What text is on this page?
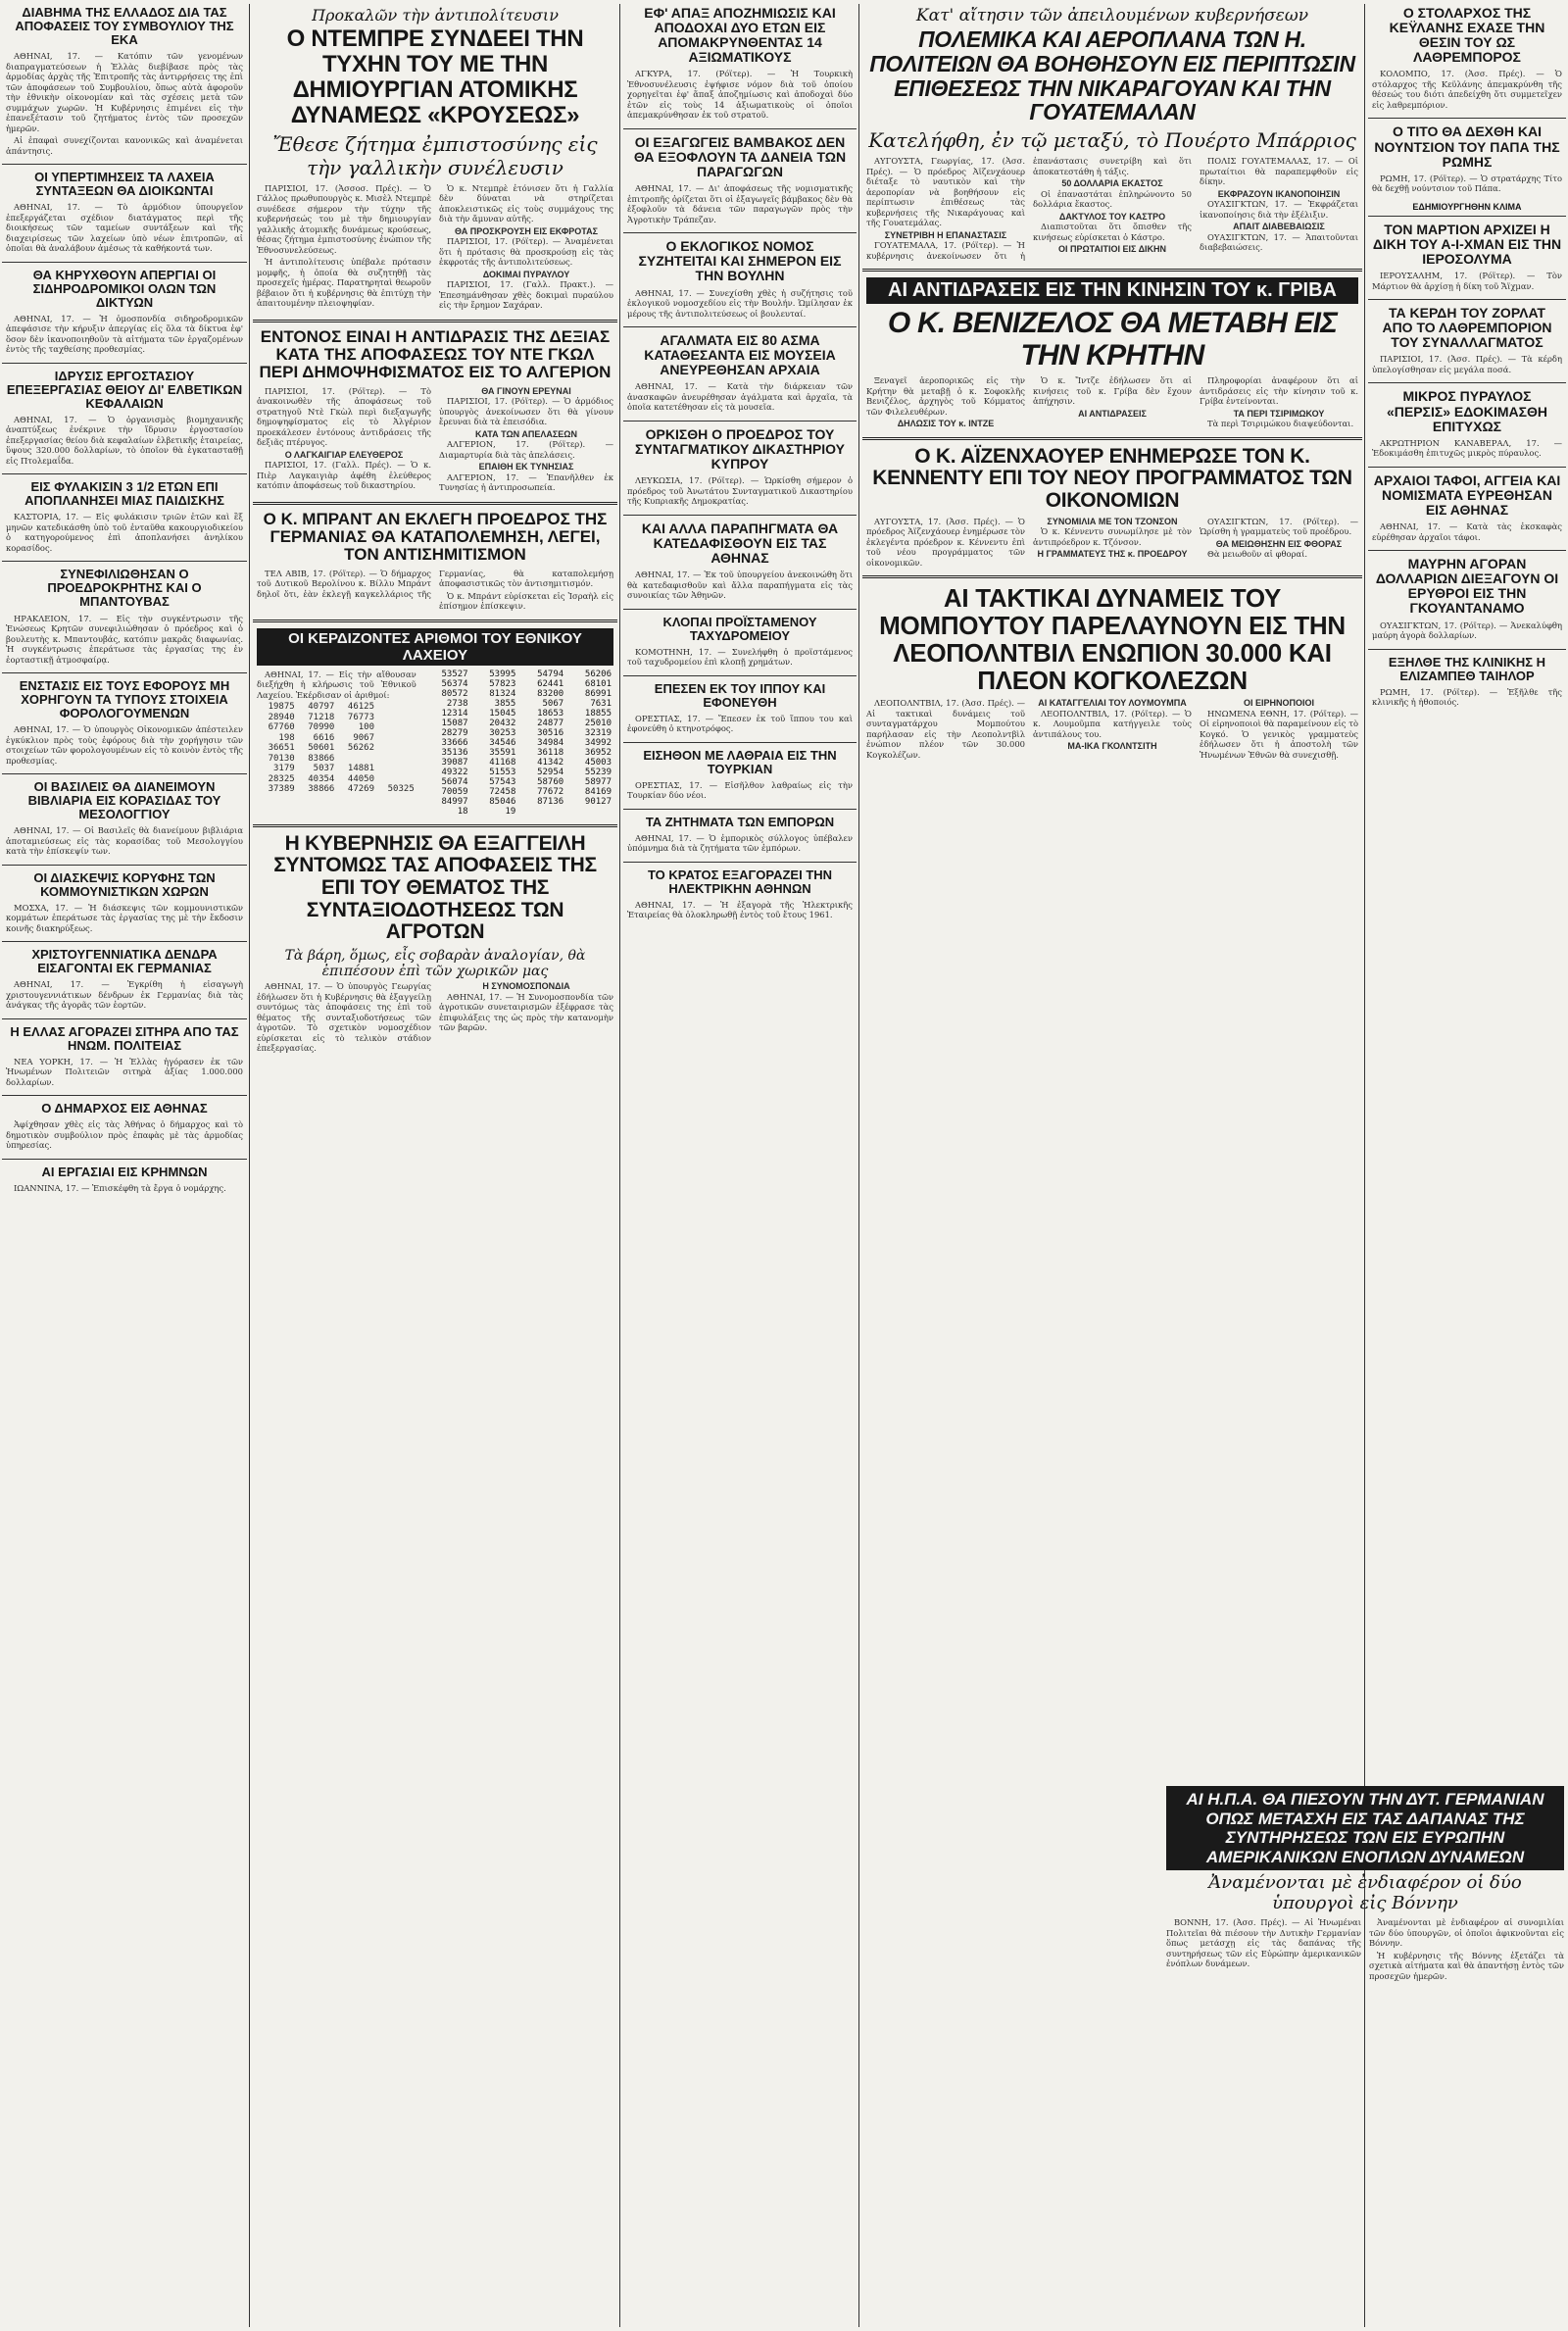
ΔΙΑΒΗΜΑ ΤΗΣ ΕΛΛΑΔΟΣ ΔΙΑ ΤΑΣ ΑΠΟΦΑΣΕΙΣ ΤΟΥ ΣΥΜΒΟΥΛΙΟΥ ΤΗΣ ΕΚΑ

ΑΘΗΝΑΙ, 17. — Κατόπιν τῶν γενομένων διαπραγματεύσεων ἡ Ἑλλὰς διεβίβασε πρὸς τὰς ἁρμοδίας ἀρχὰς τῆς Ἐπιτροπῆς τὰς ἀντιρρήσεις της ἐπὶ τῶν ἀποφάσεων τοῦ Συμβουλίου, ὅπως αὐτὰ ἀφοροῦν τὴν ἐθνικὴν οἰκονομίαν καὶ τὰς σχέσεις μετὰ τῶν συμμάχων χωρῶν. Ἡ Κυβέρνησις ἐπιμένει εἰς τὴν ἐπανεξέτασιν τοῦ ζητήματος ἐντὸς τῶν προσεχῶν ἡμερῶν.

Αἱ ἐπαφαὶ συνεχίζονται κανονικῶς καὶ ἀναμένεται ἀπάντησις.

ΟΙ ΥΠΕΡΤΙΜΗΣΕΙΣ ΤΑ ΛΑΧΕΙΑ ΣΥΝΤΑΞΕΩΝ ΘΑ ΔΙΟΙΚΩΝΤΑΙ

ΑΘΗΝΑΙ, 17. — Τὸ ἁρμόδιον ὑπουργεῖον ἐπεξεργάζεται σχέδιον διατάγματος περὶ τῆς διοικήσεως τῶν ταμείων συντάξεων καὶ τῆς διαχειρίσεως τῶν λαχείων ὑπὸ νέων ἐπιτροπῶν, αἱ ὁποῖαι θὰ ἀναλάβουν ἀμέσως τὰ καθήκοντά των.

ΘΑ ΚΗΡΥΧΘΟΥΝ ΑΠΕΡΓΙΑΙ ΟΙ ΣΙΔΗΡΟΔΡΟΜΙΚΟΙ ΟΛΩΝ ΤΩΝ ΔΙΚΤΥΩΝ

ΑΘΗΝΑΙ, 17. — Ἡ ὁμοσπονδία σιδηροδρομικῶν ἀπεφάσισε τὴν κήρυξιν ἀπεργίας εἰς ὅλα τὰ δίκτυα ἐφ' ὅσον δὲν ἱκανοποιηθοῦν τὰ αἰτήματα τῶν ἐργαζομένων ἐντὸς τῆς ταχθείσης προθεσμίας.

ΙΔΡΥΣΙΣ ΕΡΓΟΣΤΑΣΙΟΥ ΕΠΕΞΕΡΓΑΣΙΑΣ ΘΕΙΟΥ ΔΙ' ΕΛΒΕΤΙΚΩΝ ΚΕΦΑΛΑΙΩΝ

ΑΘΗΝΑΙ, 17. — Ὁ ὀργανισμὸς βιομηχανικῆς ἀναπτύξεως ἐνέκρινε τὴν ἵδρυσιν ἐργοστασίου ἐπεξεργασίας θείου διὰ κεφαλαίων ἐλβετικῆς ἑταιρείας, ὕψους 320.000 δολλαρίων, τὸ ὁποῖον θὰ ἐγκατασταθῇ εἰς Πτολεμαΐδα.

ΕΙΣ ΦΥΛΑΚΙΣΙΝ 3 1/2 ΕΤΩΝ ΕΠΙ ΑΠΟΠΛΑΝΗΣΕΙ ΜΙΑΣ ΠΑΙΔΙΣΚΗΣ

ΚΑΣΤΟΡΙΑ, 17. — Εἰς φυλάκισιν τριῶν ἐτῶν καὶ ἓξ μηνῶν κατεδικάσθη ὑπὸ τοῦ ἐνταῦθα κακουργιοδικείου ὁ κατηγορούμενος ἐπὶ ἀποπλανήσει ἀνηλίκου κορασίδος.

ΣΥΝΕΦΙΛΙΩΘΗΣΑΝ Ο ΠΡΟΕΔΡΟΚΡΗΤΗΣ ΚΑΙ Ο ΜΠΑΝΤΟΥΒΑΣ

ΗΡΑΚΛΕΙΟΝ, 17. — Εἰς τὴν συγκέντρωσιν τῆς Ἑνώσεως Κρητῶν συνεφιλιώθησαν ὁ πρόεδρος καὶ ὁ βουλευτὴς κ. Μπαντουβάς, κατόπιν μακρᾶς διαφωνίας. Ἡ συγκέντρωσις ἐπεράτωσε τὰς ἐργασίας της ἐν ἑορταστικῇ ἀτμοσφαίρᾳ.

ΕΝΣΤΑΣΙΣ ΕΙΣ ΤΟΥΣ ΕΦΟΡΟΥΣ ΜΗ ΧΟΡΗΓΟΥΝ ΤΑ ΤΥΠΟΥΣ ΣΤΟΙΧΕΙΑ ΦΟΡΟΛΟΓΟΥΜΕΝΩΝ

ΑΘΗΝΑΙ, 17. — Ὁ ὑπουργὸς Οἰκονομικῶν ἀπέστειλεν ἐγκύκλιον πρὸς τοὺς ἐφόρους διὰ τὴν χορήγησιν τῶν στοιχείων τῶν φορολογουμένων εἰς τὸ κοινὸν ἐντὸς τῆς προθεσμίας.

ΟΙ ΒΑΣΙΛΕΙΣ ΘΑ ΔΙΑΝΕΙΜΟΥΝ ΒΙΒΛΙΑΡΙΑ ΕΙΣ ΚΟΡΑΣΙΔΑΣ ΤΟΥ ΜΕΣΟΛΟΓΓΙΟΥ

ΑΘΗΝΑΙ, 17. — Οἱ Βασιλεῖς θὰ διανείμουν βιβλιάρια ἀποταμιεύσεως εἰς τὰς κορασίδας τοῦ Μεσολογγίου κατὰ τὴν ἐπίσκεψίν των.

ΟΙ ΔΙΑΣΚΕΨΙΣ ΚΟΡΥΦΗΣ ΤΩΝ ΚΟΜΜΟΥΝΙΣΤΙΚΩΝ ΧΩΡΩΝ

ΜΟΣΧΑ, 17. — Ἡ διάσκεψις τῶν κομμουνιστικῶν κομμάτων ἐπεράτωσε τὰς ἐργασίας της μὲ τὴν ἔκδοσιν κοινῆς διακηρύξεως.

ΧΡΙΣΤΟΥΓΕΝΝΙΑΤΙΚΑ ΔΕΝΔΡΑ ΕΙΣΑΓΟΝΤΑΙ ΕΚ ΓΕΡΜΑΝΙΑΣ

ΑΘΗΝΑΙ, 17. — Ἐγκρίθη ἡ εἰσαγωγὴ χριστουγεννιάτικων δένδρων ἐκ Γερμανίας διὰ τὰς ἀνάγκας τῆς ἀγορᾶς τῶν ἑορτῶν.

Η ΕΛΛΑΣ ΑΓΟΡΑΖΕΙ ΣΙΤΗΡΑ ΑΠΟ ΤΑΣ ΗΝΩΜ. ΠΟΛΙΤΕΙΑΣ

ΝΕΑ ΥΟΡΚΗ, 17. — Ἡ Ἑλλὰς ἠγόρασεν ἐκ τῶν Ἡνωμένων Πολιτειῶν σιτηρὰ ἀξίας 1.000.000 δολλαρίων.

Ο ΔΗΜΑΡΧΟΣ ΕΙΣ ΑΘΗΝΑΣ

Ἀφίχθησαν χθὲς εἰς τὰς Ἀθήνας ὁ δήμαρχος καὶ τὸ δημοτικὸν συμβούλιον πρὸς ἐπαφὰς μὲ τὰς ἁρμοδίας ὑπηρεσίας.

ΑΙ ΕΡΓΑΣΙΑΙ ΕΙΣ ΚΡΗΜΝΩΝ

ΙΩΑΝΝΙΝΑ, 17. — Ἐπισκέφθη τὰ ἔργα ὁ νομάρχης.

Προκαλῶν τὴν ἀντιπολίτευσιν
Ο ΝΤΕΜΠΡΕ ΣΥΝΔΕΕΙ ΤΗΝ ΤΥΧΗΝ ΤΟΥ ΜΕ ΤΗΝ ΔΗΜΙΟΥΡΓΙΑΝ ΑΤΟΜΙΚΗΣ ΔΥΝΑΜΕΩΣ «ΚΡΟΥΣΕΩΣ»
Ἔθεσε ζήτημα ἐμπιστοσύνης εἰς τὴν γαλλικὴν συνέλευσιν

ΠΑΡΙΣΙΟΙ, 17. (Ἀσσοσ. Πρές). — Ὁ Γάλλος πρωθυπουργὸς κ. Μισὲλ Ντεμπρὲ συνέδεσε σήμερον τὴν τύχην τῆς κυβερνήσεώς του μὲ τὴν δημιουργίαν γαλλικῆς ἀτομικῆς δυνάμεως κρούσεως, θέσας ζήτημα ἐμπιστοσύνης ἐνώπιον τῆς Ἐθνοσυνελεύσεως.

Ἡ ἀντιπολίτευσις ὑπέβαλε πρότασιν μομφῆς, ἡ ὁποία θὰ συζητηθῇ τὰς προσεχεῖς ἡμέρας. Παρατηρηταὶ θεωροῦν βέβαιον ὅτι ἡ κυβέρνησις θὰ ἐπιτύχῃ τὴν ἀπαιτουμένην πλειοψηφίαν.

Ὁ κ. Ντεμπρὲ ἐτόνισεν ὅτι ἡ Γαλλία δὲν δύναται νὰ στηρίζεται ἀποκλειστικῶς εἰς τοὺς συμμάχους της διὰ τὴν ἄμυναν αὐτῆς.

ΘΑ ΠΡΟΣΚΡΟΥΣΗ ΕΙΣ ΕΚΦΡΟΤΑΣ

ΠΑΡΙΣΙΟΙ, 17. (Ρόϊτερ). — Ἀναμένεται ὅτι ἡ πρότασις θὰ προσκρούσῃ εἰς τὰς ἐκφροτάς τῆς ἀντιπολιτεύσεως.

ΔΟΚΙΜΑΙ ΠΥΡΑΥΛΟΥ

ΠΑΡΙΣΙΟΙ, 17. (Γαλλ. Πρακτ.). — Ἐπεσημάνθησαν χθὲς δοκιμαὶ πυραύλου εἰς τὴν ἔρημον Σαχάραν.

ΕΝΤΟΝΟΣ ΕΙΝΑΙ Η ΑΝΤΙΔΡΑΣΙΣ ΤΗΣ ΔΕΞΙΑΣ ΚΑΤΑ ΤΗΣ ΑΠΟΦΑΣΕΩΣ ΤΟΥ ΝΤΕ ΓΚΩΛ ΠΕΡΙ ΔΗΜΟΨΗΦΙΣΜΑΤΟΣ ΕΙΣ ΤΟ ΑΛΓΕΡΙΟΝ

ΠΑΡΙΣΙΟΙ, 17. (Ρόϊτερ). — Τὸ ἀνακοινωθὲν τῆς ἀποφάσεως τοῦ στρατηγοῦ Ντὲ Γκὼλ περὶ διεξαγωγῆς δημοψηφίσματος εἰς τὸ Ἀλγέριον προεκάλεσεν ἐντόνους ἀντιδράσεις τῆς δεξιᾶς πτέρυγος.

Ο ΛΑΓΚΑΙΓΙΑΡ ΕΛΕΥΘΕΡΟΣ

ΠΑΡΙΣΙΟΙ, 17. (Γαλλ. Πρές). — Ὁ κ. Πιὲρ Λαγκαιγιὰρ ἀφέθη ἐλεύθερος κατόπιν ἀποφάσεως τοῦ δικαστηρίου.

ΘΑ ΓΙΝΟΥΝ ΕΡΕΥΝΑΙ

ΠΑΡΙΣΙΟΙ, 17. (Ρόϊτερ). — Ὁ ἀρμόδιος ὑπουργὸς ἀνεκοίνωσεν ὅτι θὰ γίνουν ἔρευναι διὰ τὰ ἐπεισόδια.

ΚΑΤΑ ΤΩΝ ΑΠΕΛΑΣΕΩΝ

ΑΛΓΕΡΙΟΝ, 17. (Ρόϊτερ). — Διαμαρτυρία διὰ τὰς ἀπελάσεις.

ΕΠΑΙΘΗ ΕΚ ΤΥΝΗΣΙΑΣ

ΑΛΓΕΡΙΟΝ, 17. — Ἐπανῆλθεν ἐκ Τυνησίας ἡ ἀντιπροσωπεία.

Ο Κ. ΜΠΡΑΝΤ ΑΝ ΕΚΛΕΓΗ ΠΡΟΕΔΡΟΣ ΤΗΣ ΓΕΡΜΑΝΙΑΣ ΘΑ ΚΑΤΑΠΟΛΕΜΗΣΗ, ΛΕΓΕΙ, ΤΟΝ ΑΝΤΙΣΗΜΙΤΙΣΜΟΝ

ΤΕΛ ΑΒΙΒ, 17. (Ρόϊτερ). — Ὁ δήμαρχος τοῦ Δυτικοῦ Βερολίνου κ. Βίλλυ Μπράντ δηλοῖ ὅτι, ἐὰν ἐκλεγῇ καγκελλάριος τῆς Γερμανίας, θὰ καταπολεμήσῃ ἀποφασιστικῶς τὸν ἀντισημιτισμόν.

Ὁ κ. Μπράντ εὑρίσκεται εἰς Ἰσραὴλ εἰς ἐπίσημον ἐπίσκεψιν.

ΟΙ ΚΕΡΔΙΖΟΝΤΕΣ ΑΡΙΘΜΟΙ ΤΟΥ ΕΘΝΙΚΟΥ ΛΑΧΕΙΟΥ

ΑΘΗΝΑΙ, 17. — Εἰς τὴν αἴθουσαν διεξήχθη ἡ κλήρωσις τοῦ Ἐθνικοῦ Λαχείου. Ἐκέρδισαν οἱ ἀριθμοί:

19875	40797	46125	
28940	71218	76773	
67760	70990	100	
198	6616	9067	
36651	50601	56262	
70130	83866		
3179	5037	14881	
28325	40354	44050	
37389	38866	47269	50325
53527	53995	54794	56206
56374	57823	62441	68101
80572	81324	83200	86991
2738	3855	5067	7631
12314	15045	18653	18855
15087	20432	24877	25010
28279	30253	30516	32319
33666	34546	34984	34992
35136	35591	36118	36952
39087	41168	41342	45003
49322	51553	52954	55239
56074	57543	58760	58977
70059	72458	77672	84169
84997	85046	87136	90127
18	19		
Η ΚΥΒΕΡΝΗΣΙΣ ΘΑ ΕΞΑΓΓΕΙΛΗ ΣΥΝΤΟΜΩΣ ΤΑΣ ΑΠΟΦΑΣΕΙΣ ΤΗΣ ΕΠΙ ΤΟΥ ΘΕΜΑΤΟΣ ΤΗΣ ΣΥΝΤΑΞΙΟΔΟΤΗΣΕΩΣ ΤΩΝ ΑΓΡΟΤΩΝ
Τὰ βάρη, ὅμως, εἶς σοβαρὰν ἀναλογίαν, θὰ ἐπιπέσουν ἐπὶ τῶν χωρικῶν μας

ΑΘΗΝΑΙ, 17. — Ὁ ὑπουργὸς Γεωργίας ἐδήλωσεν ὅτι ἡ Κυβέρνησις θὰ ἐξαγγείλῃ συντόμως τὰς ἀποφάσεις της ἐπὶ τοῦ θέματος τῆς συνταξιοδοτήσεως τῶν ἀγροτῶν. Τὸ σχετικὸν νομοσχέδιον εὑρίσκεται εἰς τὸ τελικὸν στάδιον ἐπεξεργασίας.

Η ΣΥΝΟΜΟΣΠΟΝΔΙΑ

ΑΘΗΝΑΙ, 17. — Ἡ Συνομοσπονδία τῶν ἀγροτικῶν συνεταιρισμῶν ἐξέφρασε τὰς ἐπιφυλάξεις της ὡς πρὸς τὴν κατανομὴν τῶν βαρῶν.

ΕΦ' ΑΠΑΞ ΑΠΟΖΗΜΙΩΣΙΣ ΚΑΙ ΑΠΟΔΟΧΑΙ ΔΥΟ ΕΤΩΝ ΕΙΣ ΑΠΟΜΑΚΡΥΝΘΕΝΤΑΣ 14 ΑΞΙΩΜΑΤΙΚΟΥΣ

ΑΓΚΥΡΑ, 17. (Ρόϊτερ). — Ἡ Τουρκικὴ Ἐθνοσυνέλευσις ἐψήφισε νόμον διὰ τοῦ ὁποίου χορηγεῖται ἐφ' ἅπαξ ἀποζημίωσις καὶ ἀποδοχαὶ δύο ἐτῶν εἰς τοὺς 14 ἀξιωματικοὺς οἱ ὁποῖοι ἀπεμακρύνθησαν ἐκ τοῦ στρατοῦ.

ΟΙ ΕΞΑΓΩΓΕΙΣ ΒΑΜΒΑΚΟΣ ΔΕΝ ΘΑ ΕΞΟΦΛΟΥΝ ΤΑ ΔΑΝΕΙΑ ΤΩΝ ΠΑΡΑΓΩΓΩΝ

ΑΘΗΝΑΙ, 17. — Δι' ἀποφάσεως τῆς νομισματικῆς ἐπιτροπῆς ὁρίζεται ὅτι οἱ ἐξαγωγεῖς βάμβακος δὲν θὰ ἐξοφλοῦν τὰ δάνεια τῶν παραγωγῶν πρὸς τὴν Ἀγροτικὴν Τράπεζαν.

Ο ΕΚΛΟΓΙΚΟΣ ΝΟΜΟΣ ΣΥΖΗΤΕΙΤΑΙ ΚΑΙ ΣΗΜΕΡΟΝ ΕΙΣ ΤΗΝ ΒΟΥΛΗΝ

ΑΘΗΝΑΙ, 17. — Συνεχίσθη χθὲς ἡ συζήτησις τοῦ ἐκλογικοῦ νομοσχεδίου εἰς τὴν Βουλήν. Ὡμίλησαν ἐκ μέρους τῆς ἀντιπολιτεύσεως οἱ βουλευταί.

ΑΓΑΛΜΑΤΑ ΕΙΣ 80 ΑΣΜΑ ΚΑΤΑΘΕΣΑΝΤΑ ΕΙΣ ΜΟΥΣΕΙΑ ΑΝΕΥΡΕΘΗΣΑΝ ΑΡΧΑΙΑ

ΑΘΗΝΑΙ, 17. — Κατὰ τὴν διάρκειαν τῶν ἀνασκαφῶν ἀνευρέθησαν ἀγάλματα καὶ ἀρχαῖα, τὰ ὁποῖα κατετέθησαν εἰς τὰ μουσεῖα.

ΟΡΚΙΣΘΗ Ο ΠΡΟΕΔΡΟΣ ΤΟΥ ΣΥΝΤΑΓΜΑΤΙΚΟΥ ΔΙΚΑΣΤΗΡΙΟΥ ΚΥΠΡΟΥ

ΛΕΥΚΩΣΙΑ, 17. (Ρόϊτερ). — Ὡρκίσθη σήμερον ὁ πρόεδρος τοῦ Ἀνωτάτου Συνταγματικοῦ Δικαστηρίου τῆς Κυπριακῆς Δημοκρατίας.

ΚΑΙ ΑΛΛΑ ΠΑΡΑΠΗΓΜΑΤΑ ΘΑ ΚΑΤΕΔΑΦΙΣΘΟΥΝ ΕΙΣ ΤΑΣ ΑΘΗΝΑΣ

ΑΘΗΝΑΙ, 17. — Ἐκ τοῦ ὑπουργείου ἀνεκοινώθη ὅτι θὰ κατεδαφισθοῦν καὶ ἄλλα παραπήγματα εἰς τὰς συνοικίας τῶν Ἀθηνῶν.

ΚΛΟΠΑΙ ΠΡΟΪΣΤΑΜΕΝΟΥ ΤΑΧΥΔΡΟΜΕΙΟΥ

ΚΟΜΟΤΗΝΗ, 17. — Συνελήφθη ὁ προϊστάμενος τοῦ ταχυδρομείου ἐπὶ κλοπῇ χρημάτων.

ΕΠΕΣΕΝ ΕΚ ΤΟΥ ΙΠΠΟΥ ΚΑΙ ΕΦΟΝΕΥΘΗ

ΟΡΕΣΤΙΑΣ, 17. — Ἔπεσεν ἐκ τοῦ ἵππου του καὶ ἐφονεύθη ὁ κτηνοτρόφος.

ΕΙΣΗΘΟΝ ΜΕ ΛΑΘΡΑΙΑ ΕΙΣ ΤΗΝ ΤΟΥΡΚΙΑΝ

ΟΡΕΣΤΙΑΣ, 17. — Εἰσῆλθον λαθραίως εἰς τὴν Τουρκίαν δύο νέοι.

ΤΑ ΖΗΤΗΜΑΤΑ ΤΩΝ ΕΜΠΟΡΩΝ

ΑΘΗΝΑΙ, 17. — Ὁ ἐμπορικὸς σύλλογος ὑπέβαλεν ὑπόμνημα διὰ τὰ ζητήματα τῶν ἐμπόρων.

ΤΟ ΚΡΑΤΟΣ ΕΞΑΓΟΡΑΖΕΙ ΤΗΝ ΗΛΕΚΤΡΙΚΗΝ ΑΘΗΝΩΝ

ΑΘΗΝΑΙ, 17. — Ἡ ἐξαγορὰ τῆς Ἠλεκτρικῆς Ἑταιρείας θὰ ὁλοκληρωθῇ ἐντὸς τοῦ ἔτους 1961.

Κατ' αἴτησιν τῶν ἀπειλουμένων κυβερνήσεων
ΠΟΛΕΜΙΚΑ ΚΑΙ ΑΕΡΟΠΛΑΝΑ ΤΩΝ Η. ΠΟΛΙΤΕΙΩΝ ΘΑ ΒΟΗΘΗΣΟΥΝ ΕΙΣ ΠΕΡΙΠΤΩΣΙΝ ΕΠΙΘΕΣΕΩΣ ΤΗΝ ΝΙΚΑΡΑΓΟΥΑΝ ΚΑΙ ΤΗΝ ΓΟΥΑΤΕΜΑΛΑΝ
Κατελήφθη, ἐν τῷ μεταξύ, τὸ Πουέρτο Μπάρριος

ΑΥΓΟΥΣΤΑ, Γεωργίας, 17. (Ἀσσ. Πρές). — Ὁ πρόεδρος Ἀϊζενχάουερ διέταξε τὸ ναυτικὸν καὶ τὴν ἀεροπορίαν νὰ βοηθήσουν εἰς περίπτωσιν ἐπιθέσεως τὰς κυβερνήσεις τῆς Νικαράγουας καὶ τῆς Γουατεμάλας.

ΣΥΝΕΤΡΙΒΗ Η ΕΠΑΝΑΣΤΑΣΙΣ

ΓΟΥΑΤΕΜΑΛΑ, 17. (Ρόϊτερ). — Ἡ κυβέρνησις ἀνεκοίνωσεν ὅτι ἡ ἐπανάστασις συνετρίβη καὶ ὅτι ἀποκατεστάθη ἡ τάξις.

50 ΔΟΛΛΑΡΙΑ ΕΚΑΣΤΟΣ

Οἱ ἐπαναστάται ἐπληρώνοντο 50 δολλάρια ἕκαστος.

ΔΑΚΤΥΛΟΣ ΤΟΥ ΚΑΣΤΡΟ

Διαπιστοῦται ὅτι ὄπισθεν τῆς κινήσεως εὑρίσκεται ὁ Κάστρο.

ΟΙ ΠΡΩΤΑΙΤΙΟΙ ΕΙΣ ΔΙΚΗΝ

ΠΟΛΙΣ ΓΟΥΑΤΕΜΑΛΑΣ, 17. — Οἱ πρωταίτιοι θὰ παραπεμφθοῦν εἰς δίκην.

ΕΚΦΡΑΖΟΥΝ ΙΚΑΝΟΠΟΙΗΣΙΝ

ΟΥΑΣΙΓΚΤΩΝ, 17. — Ἐκφράζεται ἱκανοποίησις διὰ τὴν ἐξέλιξιν.

ΑΠΑΙΤ ΔΙΑΒΕΒΑΙΩΣΙΣ

ΟΥΑΣΙΓΚΤΩΝ, 17. — Ἀπαιτοῦνται διαβεβαιώσεις.

ΑΙ ΑΝΤΙΔΡΑΣΕΙΣ ΕΙΣ ΤΗΝ ΚΙΝΗΣΙΝ ΤΟΥ κ. ΓΡΙΒΑ
Ο Κ. ΒΕΝΙΖΕΛΟΣ ΘΑ ΜΕΤΑΒΗ ΕΙΣ ΤΗΝ ΚΡΗΤΗΝ

Ξεναγεῖ ἀεροπορικῶς εἰς τὴν Κρήτην θὰ μεταβῇ ὁ κ. Σοφοκλῆς Βενιζέλος, ἀρχηγὸς τοῦ Κόμματος τῶν Φιλελευθέρων.

ΔΗΛΩΣΙΣ ΤΟΥ κ. ΙΝΤΖΕ

Ὁ κ. Ἴντζε ἐδήλωσεν ὅτι αἱ κινήσεις τοῦ κ. Γρίβα δὲν ἔχουν ἀπήχησιν.

ΑΙ ΑΝΤΙΔΡΑΣΕΙΣ

Πληροφορίαι ἀναφέρουν ὅτι αἱ ἀντιδράσεις εἰς τὴν κίνησιν τοῦ κ. Γρίβα ἐντείνονται.

ΤΑ ΠΕΡΙ ΤΣΙΡΙΜΩΚΟΥ

Τὰ περὶ Τσιριμώκου διαψεύδονται.

Ο Κ. ΑΪΖΕΝΧΑΟΥΕΡ ΕΝΗΜΕΡΩΣΕ ΤΟΝ Κ. ΚΕΝΝΕΝΤΥ ΕΠΙ ΤΟΥ ΝΕΟΥ ΠΡΟΓΡΑΜΜΑΤΟΣ ΤΩΝ ΟΙΚΟΝΟΜΙΩΝ

ΑΥΓΟΥΣΤΑ, 17. (Ἀσσ. Πρές). — Ὁ πρόεδρος Ἀϊζενχάουερ ἐνημέρωσε τὸν ἐκλεγέντα πρόεδρον κ. Κέννεντυ ἐπὶ τοῦ νέου προγράμματος τῶν οἰκονομικῶν.

ΣΥΝΟΜΙΛΙΑ ΜΕ ΤΟΝ ΤΖΟΝΣΟΝ

Ὁ κ. Κέννεντυ συνωμίλησε μὲ τὸν ἀντιπρόεδρον κ. Τζόνσον.

Η ΓΡΑΜΜΑΤΕΥΣ ΤΗΣ κ. ΠΡΟΕΔΡΟΥ

ΟΥΑΣΙΓΚΤΩΝ, 17. (Ρόϊτερ). — Ὡρίσθη ἡ γραμματεὺς τοῦ προέδρου.

ΘΑ ΜΕΙΩΘΗΣΗΝ ΕΙΣ ΦΘΟΡΑΣ

Θὰ μειωθοῦν αἱ φθοραί.

ΑΙ ΤΑΚΤΙΚΑΙ ΔΥΝΑΜΕΙΣ ΤΟΥ ΜΟΜΠΟΥΤΟΥ ΠΑΡΕΛΑΥΝΟΥΝ ΕΙΣ ΤΗΝ ΛΕΟΠΟΛΝΤΒΙΛ ΕΝΩΠΙΟΝ 30.000 ΚΑΙ ΠΛΕΟΝ ΚΟΓΚΟΛΕΖΩΝ

ΛΕΟΠΟΛΝΤΒΙΛ, 17. (Ἀσσ. Πρές). — Αἱ τακτικαὶ δυνάμεις τοῦ συνταγματάρχου Μομπούτου παρήλασαν εἰς τὴν Λεοπολντβὶλ ἐνώπιον πλέον τῶν 30.000 Κογκολέζων.

ΑΙ ΚΑΤΑΓΓΕΛΙΑΙ ΤΟΥ ΛΟΥΜΟΥΜΠΑ

ΛΕΟΠΟΛΝΤΒΙΛ, 17. (Ρόϊτερ). — Ὁ κ. Λουμοῦμπα κατήγγειλε τοὺς ἀντιπάλους του.

ΜΑ-ΙΚΑ ΓΚΟΛΝΤΣΙΤΗ
ΟΙ ΕΙΡΗΝΟΠΟΙΟΙ

ΗΝΩΜΕΝΑ ΕΘΝΗ, 17. (Ρόϊτερ). — Οἱ εἰρηνοποιοὶ θὰ παραμείνουν εἰς τὸ Κογκό. Ὁ γενικὸς γραμματεὺς ἐδήλωσεν ὅτι ἡ ἀποστολὴ τῶν Ἡνωμένων Ἐθνῶν θὰ συνεχισθῇ.

Ο ΣΤΟΛΑΡΧΟΣ ΤΗΣ ΚΕΫΛΑΝΗΣ ΕΧΑΣΕ ΤΗΝ ΘΕΣΙΝ ΤΟΥ ΩΣ ΛΑΘΡΕΜΠΟΡΟΣ

ΚΟΛΟΜΠΟ, 17. (Ἀσσ. Πρές). — Ὁ στόλαρχος τῆς Κεϋλάνης ἀπεμακρύνθη τῆς θέσεώς του διότι ἀπεδείχθη ὅτι συμμετεῖχεν εἰς λαθρεμπόριον.

Ο ΤΙΤΟ ΘΑ ΔΕΧΘΗ ΚΑΙ ΝΟΥΝΤΣΙΟΝ ΤΟΥ ΠΑΠΑ ΤΗΣ ΡΩΜΗΣ

ΡΩΜΗ, 17. (Ρόϊτερ). — Ὁ στρατάρχης Τίτο θὰ δεχθῇ νούντσιον τοῦ Πάπα.

ΕΔΗΜΙΟΥΡΓΗΘΗΝ ΚΛΙΜΑ
ΤΟΝ ΜΑΡΤΙΟΝ ΑΡΧΙΖΕΙ Η ΔΙΚΗ ΤΟΥ Α-Ι-ΧΜΑΝ ΕΙΣ ΤΗΝ ΙΕΡΟΣΟΛΥΜΑ

ΙΕΡΟΥΣΑΛΗΜ, 17. (Ρόϊτερ). — Τὸν Μάρτιον θὰ ἀρχίσῃ ἡ δίκη τοῦ Ἄϊχμαν.

ΤΑ ΚΕΡΔΗ ΤΟΥ ΖΟΡΛΑΤ ΑΠΟ ΤΟ ΛΑΘΡΕΜΠΟΡΙΟΝ ΤΟΥ ΣΥΝΑΛΛΑΓΜΑΤΟΣ

ΠΑΡΙΣΙΟΙ, 17. (Ἀσσ. Πρές). — Τὰ κέρδη ὑπελογίσθησαν εἰς μεγάλα ποσά.

ΜΙΚΡΟΣ ΠΥΡΑΥΛΟΣ «ΠΕΡΣΙΣ» ΕΔΟΚΙΜΑΣΘΗ ΕΠΙΤΥΧΩΣ

ΑΚΡΩΤΗΡΙΟΝ ΚΑΝΑΒΕΡΑΛ, 17. — Ἐδοκιμάσθη ἐπιτυχῶς μικρὸς πύραυλος.

ΑΡΧΑΙΟΙ ΤΑΦΟΙ, ΑΓΓΕΙΑ ΚΑΙ ΝΟΜΙΣΜΑΤΑ ΕΥΡΕΘΗΣΑΝ ΕΙΣ ΑΘΗΝΑΣ

ΑΘΗΝΑΙ, 17. — Κατὰ τὰς ἐκσκαφὰς εὑρέθησαν ἀρχαῖοι τάφοι.

ΜΑΥΡΗΝ ΑΓΟΡΑΝ ΔΟΛΛΑΡΙΩΝ ΔΙΕΞΑΓΟΥΝ ΟΙ ΕΡΥΘΡΟΙ ΕΙΣ ΤΗΝ ΓΚΟΥΑΝΤΑΝΑΜΟ

ΟΥΑΣΙΓΚΤΩΝ, 17. (Ρόϊτερ). — Ἀνεκαλύφθη μαύρη ἀγορὰ δολλαρίων.

ΕΞΗΛΘΕ ΤΗΣ ΚΛΙΝΙΚΗΣ Η ΕΛΙΖΑΜΠΕΘ ΤΑΙΗΛΟΡ

ΡΩΜΗ, 17. (Ρόϊτερ). — Ἐξῆλθε τῆς κλινικῆς ἡ ἠθοποιός.

ΑΙ Η.Π.Α. ΘΑ ΠΙΕΣΟΥΝ ΤΗΝ ΔΥΤ. ΓΕΡΜΑΝΙΑΝ ΟΠΩΣ ΜΕΤΑΣΧΗ ΕΙΣ ΤΑΣ ΔΑΠΑΝΑΣ ΤΗΣ ΣΥΝΤΗΡΗΣΕΩΣ ΤΩΝ ΕΙΣ ΕΥΡΩΠΗΝ ΑΜΕΡΙΚΑΝΙΚΩΝ ΕΝΟΠΛΩΝ ΔΥΝΑΜΕΩΝ
Ἀναμένονται μὲ ἐνδιαφέρον οἱ δύο ὑπουργοὶ εἰς Βόννην

ΒΟΝΝΗ, 17. (Ἀσσ. Πρές). — Αἱ Ἡνωμέναι Πολιτεῖαι θὰ πιέσουν τὴν Δυτικὴν Γερμανίαν ὅπως μετάσχῃ εἰς τὰς δαπάνας τῆς συντηρήσεως τῶν εἰς Εὐρώπην ἀμερικανικῶν ἐνόπλων δυνάμεων.

Ἀναμένονται μὲ ἐνδιαφέρον αἱ συνομιλίαι τῶν δύο ὑπουργῶν, οἱ ὁποῖοι ἀφικνοῦνται εἰς Βόννην.

Ἡ κυβέρνησις τῆς Βόννης ἐξετάζει τὰ σχετικὰ αἰτήματα καὶ θὰ ἀπαντήσῃ ἐντὸς τῶν προσεχῶν ἡμερῶν.
